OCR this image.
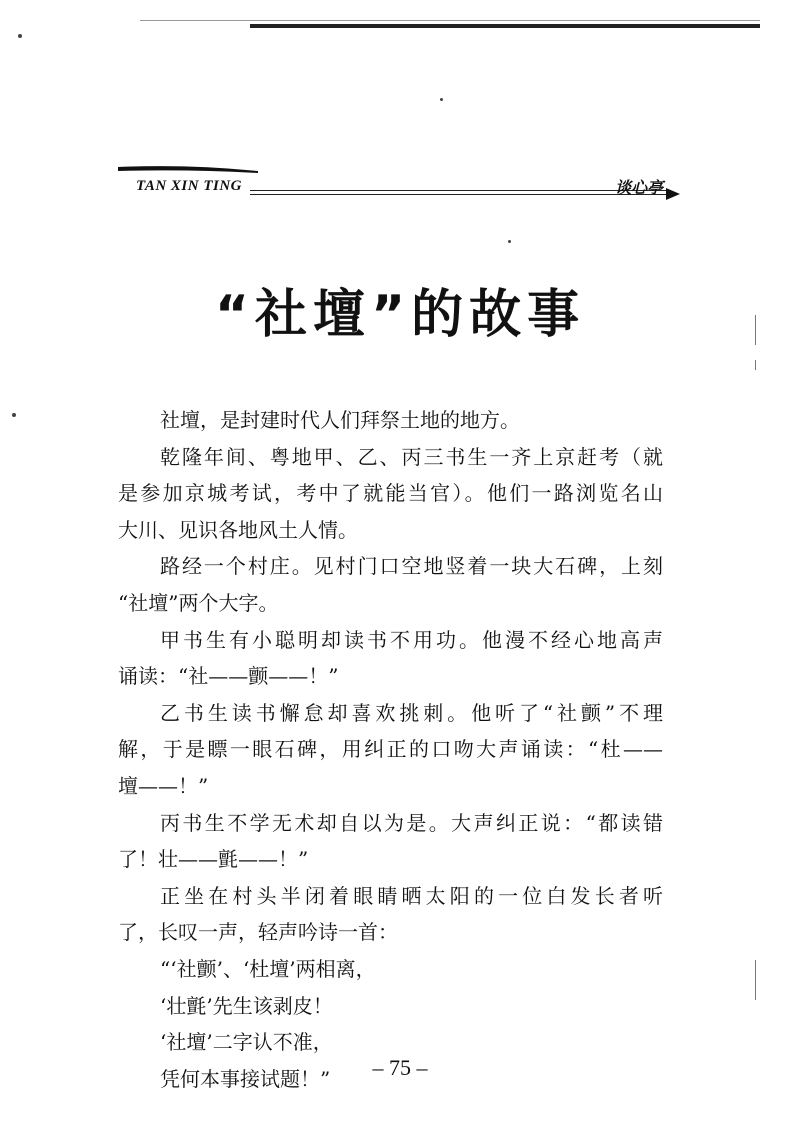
TAN XIN TING	谈心亭
“社壇”的故事
社壇，是封建时代人们拜祭土地的地方。
乾隆年间、粤地甲、乙、丙三书生一齐上京赶考（就
是参加京城考试，考中了就能当官）。他们一路浏览名山
大川、见识各地风土人情。
路经一个村庄。见村门口空地竖着一块大石碑，上刻
“社壇”两个大字。
甲书生有小聪明却读书不用功。他漫不经心地高声
诵读：“社——颤——！”
乙书生读书懈怠却喜欢挑刺。他听了“社颤”不理
解，于是瞟一眼石碑，用纠正的口吻大声诵读：“杜——
壇——！”
丙书生不学无术却自以为是。大声纠正说：“都读错
了！壮——氈——！”
正坐在村头半闭着眼睛晒太阳的一位白发长者听
了，长叹一声，轻声吟诗一首：
“‘社颤’、‘杜壇’两相离，
‘壮氈’先生该剥皮！
‘社壇’二字认不准，
凭何本事接试题！”	– 75 –
